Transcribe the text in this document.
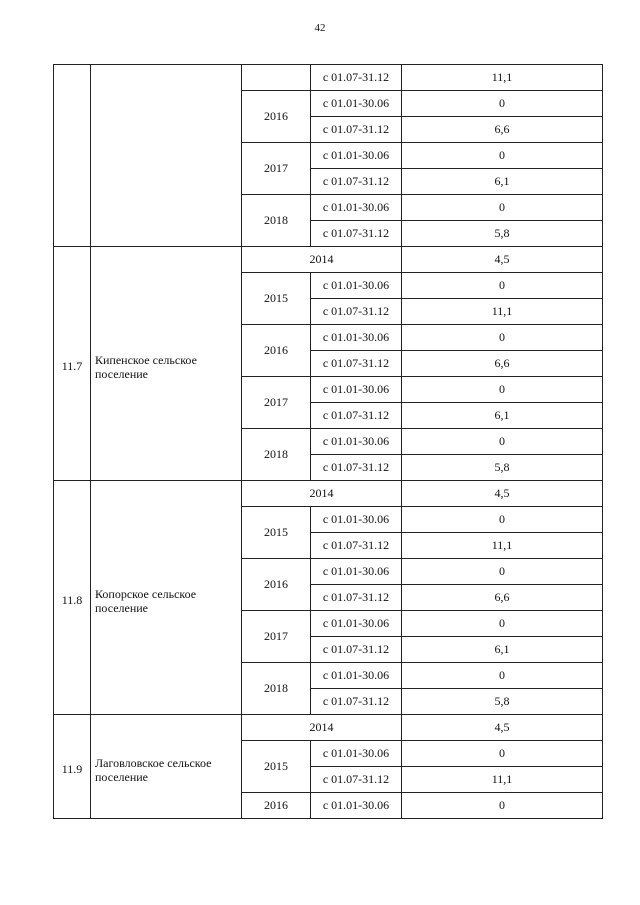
42
			с 01.07-31.12	11,1
		2016	с 01.01-30.06	0
			с 01.07-31.12	6,6
		2017	с 01.01-30.06	0
			с 01.07-31.12	6,1
		2018	с 01.01-30.06	0
			с 01.07-31.12	5,8
11.7	Кипенское сельское поселение	2014		4,5
		2015	с 01.01-30.06	0
			с 01.07-31.12	11,1
		2016	с 01.01-30.06	0
			с 01.07-31.12	6,6
		2017	с 01.01-30.06	0
			с 01.07-31.12	6,1
		2018	с 01.01-30.06	0
			с 01.07-31.12	5,8
11.8	Копорское сельское поселение	2014		4,5
		2015	с 01.01-30.06	0
			с 01.07-31.12	11,1
		2016	с 01.01-30.06	0
			с 01.07-31.12	6,6
		2017	с 01.01-30.06	0
			с 01.07-31.12	6,1
		2018	с 01.01-30.06	0
			с 01.07-31.12	5,8
11.9	Лаговловское сельское поселение	2014		4,5
		2015	с 01.01-30.06	0
			с 01.07-31.12	11,1
		2016	с 01.01-30.06	0
